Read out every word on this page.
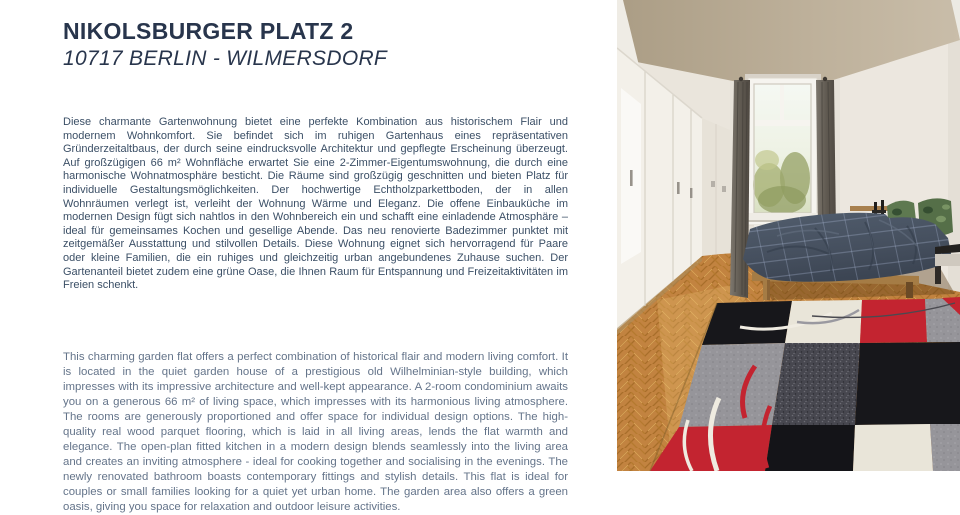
NIKOLSBURGER PLATZ 2
10717 BERLIN - WILMERSDORF

Diese charmante Gartenwohnung bietet eine perfekte Kombination aus historischem Flair und modernem Wohnkomfort. Sie befindet sich im ruhigen Gartenhaus eines repräsentativen Gründerzeitaltbaus, der durch seine eindrucksvolle Architektur und gepflegte Erscheinung überzeugt. Auf großzügigen 66 m² Wohnfläche erwartet Sie eine 2-Zimmer-Eigentumswohnung, die durch eine harmonische Wohnatmosphäre besticht. Die Räume sind großzügig geschnitten und bieten Platz für individuelle Gestaltungsmöglichkeiten. Der hochwertige Echtholzparkettboden, der in allen Wohnräumen verlegt ist, verleiht der Wohnung Wärme und Eleganz. Die offene Einbauküche im modernen Design fügt sich nahtlos in den Wohnbereich ein und schafft eine einladende Atmosphäre – ideal für gemeinsames Kochen und gesellige Abende. Das neu renovierte Badezimmer punktet mit zeitgemäßer Ausstattung und stilvollen Details. Diese Wohnung eignet sich hervorragend für Paare oder kleine Familien, die ein ruhiges und gleichzeitig urban angebundenes Zuhause suchen. Der Gartenanteil bietet zudem eine grüne Oase, die Ihnen Raum für Entspannung und Freizeitaktivitäten im Freien schenkt.

This charming garden flat offers a perfect combination of historical flair and modern living comfort. It is located in the quiet garden house of a prestigious old Wilhelminian-style building, which impresses with its impressive architecture and well-kept appearance. A 2-room condominium awaits you on a generous 66 m² of living space, which impresses with its harmonious living atmosphere. The rooms are generously proportioned and offer space for individual design options. The high-quality real wood parquet flooring, which is laid in all living areas, lends the flat warmth and elegance. The open-plan fitted kitchen in a modern design blends seamlessly into the living area and creates an inviting atmosphere - ideal for cooking together and socialising in the evenings. The newly renovated bathroom boasts contemporary fittings and stylish details. This flat is ideal for couples or small families looking for a quiet yet urban home. The garden area also offers a green oasis, giving you space for relaxation and outdoor leisure activities.
